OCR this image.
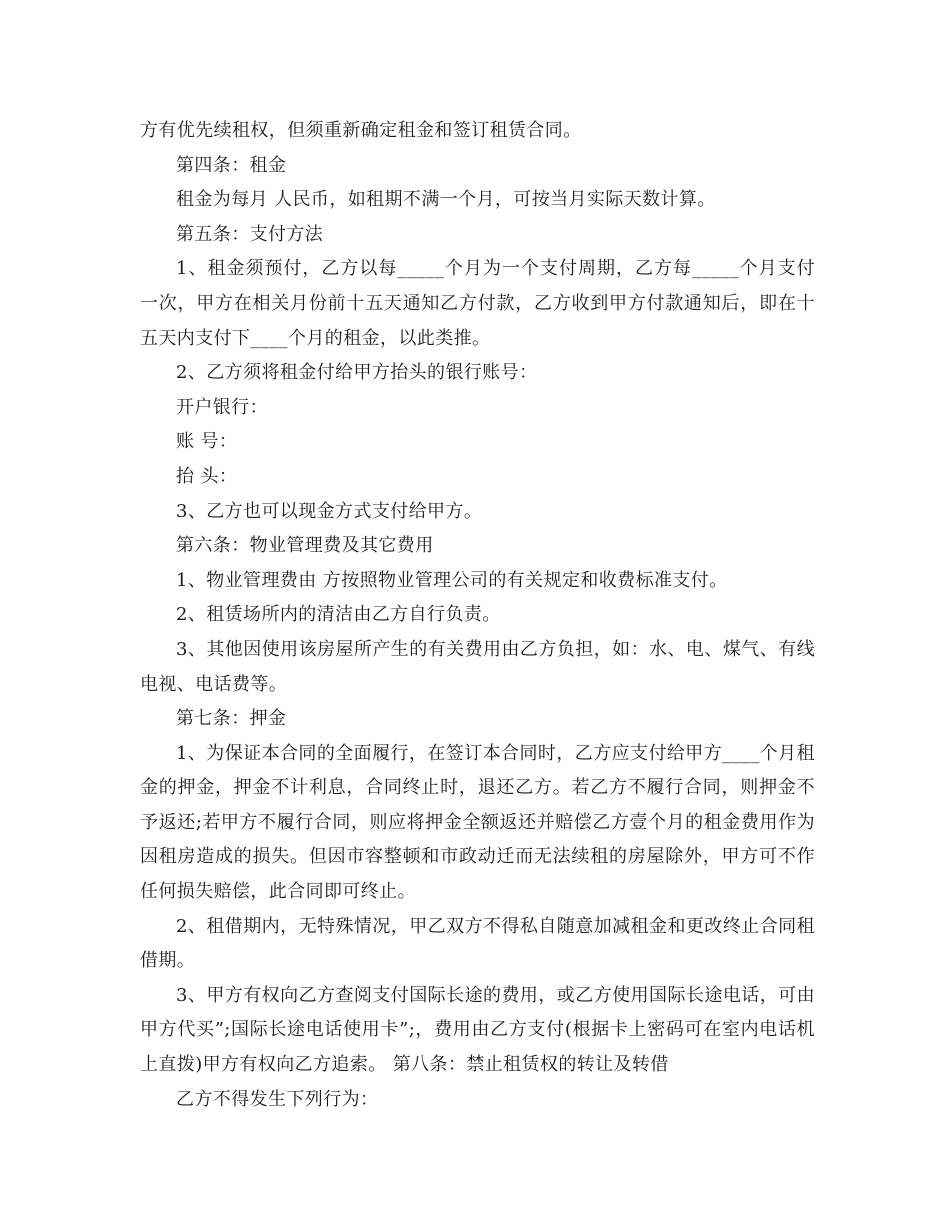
方有优先续租权，但须重新确定租金和签订租赁合同。

第四条：租金

租金为每月 人民币，如租期不满一个月，可按当月实际天数计算。

第五条：支付方法

1、租金须预付，乙方以每_____个月为一个支付周期，乙方每_____个月支付一次，甲方在相关月份前十五天通知乙方付款，乙方收到甲方付款通知后，即在十五天内支付下____个月的租金，以此类推。

2、乙方须将租金付给甲方抬头的银行账号：

开户银行：

账 号：

抬 头：

3、乙方也可以现金方式支付给甲方。

第六条：物业管理费及其它费用

1、物业管理费由 方按照物业管理公司的有关规定和收费标准支付。

2、租赁场所内的清洁由乙方自行负责。

3、其他因使用该房屋所产生的有关费用由乙方负担，如：水、电、煤气、有线电视、电话费等。

第七条：押金

1、为保证本合同的全面履行，在签订本合同时，乙方应支付给甲方____个月租金的押金，押金不计利息，合同终止时，退还乙方。若乙方不履行合同，则押金不予返还;若甲方不履行合同，则应将押金全额返还并赔偿乙方壹个月的租金费用作为因租房造成的损失。但因市容整顿和市政动迁而无法续租的房屋除外，甲方可不作任何损失赔偿，此合同即可终止。

2、租借期内，无特殊情况，甲乙双方不得私自随意加减租金和更改终止合同租借期。

3、甲方有权向乙方查阅支付国际长途的费用，或乙方使用国际长途电话，可由甲方代买”;国际长途电话使用卡”;，费用由乙方支付(根据卡上密码可在室内电话机上直拨)甲方有权向乙方追索。 第八条：禁止租赁权的转让及转借

乙方不得发生下列行为：
